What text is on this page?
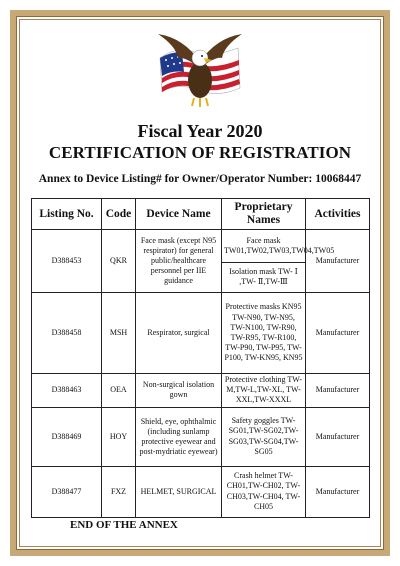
Fiscal Year 2020
CERTIFICATION OF REGISTRATION
Annex to Device Listing# for Owner/Operator Number: 10068447
Listing No.	Code	Device Name	Proprietary Names	Activities
D388453	QKR	Face mask (except N95 respirator) for general public/healthcare personnel per IIE guidance	Face mask TW01,TW02,TW03,TW04,TW05	Manufacturer
			Isolation mask TW- Ⅰ ,TW- Ⅱ,TW-Ⅲ	
D388458	MSH	Respirator, surgical	Protective masks KN95 TW-N90, TW-N95, TW-N100, TW-R90, TW-R95, TW-R100, TW-P90, TW-P95, TW-P100, TW-KN95, KN95	Manufacturer
D388463	OEA	Non-surgical isolation gown	Protective clothing TW-M,TW-L,TW-XL, TW-XXL,TW-XXXL	Manufacturer
D388469	HOY	Shield, eye, ophthalmic (including sunlamp protective eyewear and post-mydriatic eyewear)	Safety goggles TW-SG01,TW-SG02,TW-SG03,TW-SG04,TW-SG05	Manufacturer
D388477	FXZ	HELMET, SURGICAL	Crash helmet TW-CH01,TW-CH02, TW-CH03,TW-CH04, TW-CH05	Manufacturer
END OF THE ANNEX
